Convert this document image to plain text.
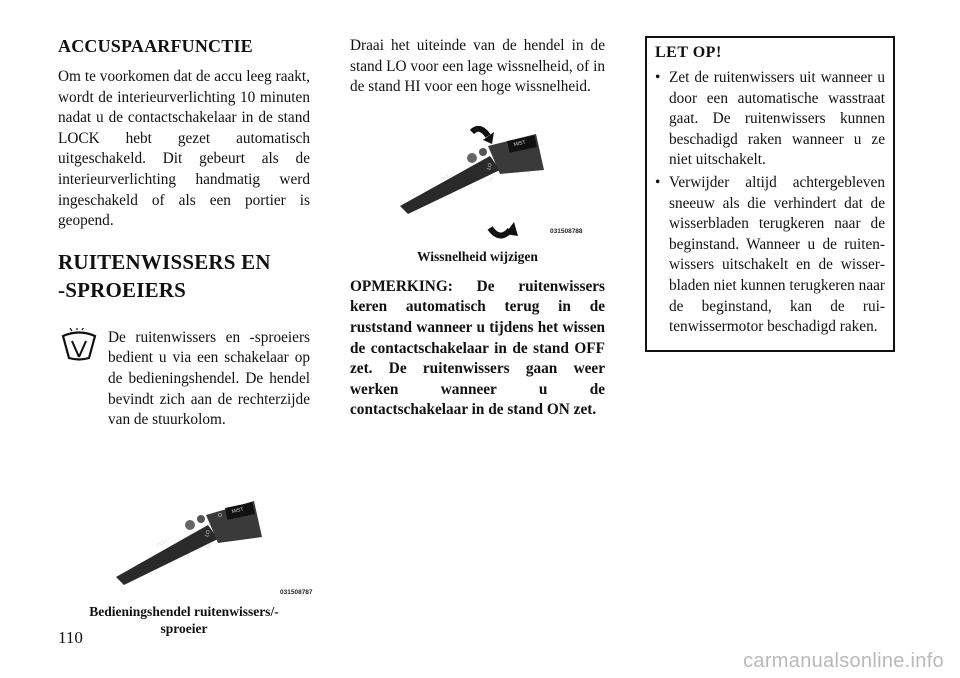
ACCUSPAARFUNCTIE

Om te voorkomen dat de accu leeg raakt, wordt de interieurverlichting 10 minuten nadat u de contactschakelaar in de stand LOCK hebt gezet automatisch uitgeschakeld. Dit gebeurt als de interieurverlichting handmatig werd ingeschakeld of als een portier is geopend.

RUITENWISSERS EN
-SPROEIERS

De ruitenwissers en -sproeiers bedient u via een schakelaar op de bedieningshendel. De hendel bevindt zich aan de rechterzijde van de stuurkolom.

PULL
MIST
O
LO
HI
031508787
Bedieningshendel ruitenwissers/-
sproeier

Draai het uiteinde van de hendel in de stand LO voor een lage wissnelheid, of in de stand HI voor een hoge wissnelheid.

PULL
MIST
LO
HI
031508788
Wissnelheid wijzigen

OPMERKING: De ruitenwissers keren automatisch terug in de ruststand wanneer u tijdens het wissen de contactschakelaar in de stand OFF zet. De ruitenwissers gaan weer werken wanneer u de contactschakelaar in de stand ON zet.

LET OP!
• Zet de ruitenwissers uit wanneer u door een automatische wasstraat gaat. De ruitenwissers kunnen beschadigd raken wanneer u ze niet uitschakelt.
• Verwijder altijd achtergebleven sneeuw als die verhindert dat de wisserbladen terugkeren naar de beginstand. Wanneer u de ruitenwissers uitschakelt en de wisserbladen niet kunnen terugkeren naar de beginstand, kan de ruitenwissermotor beschadigd raken.
110
carmanualsonline.info
